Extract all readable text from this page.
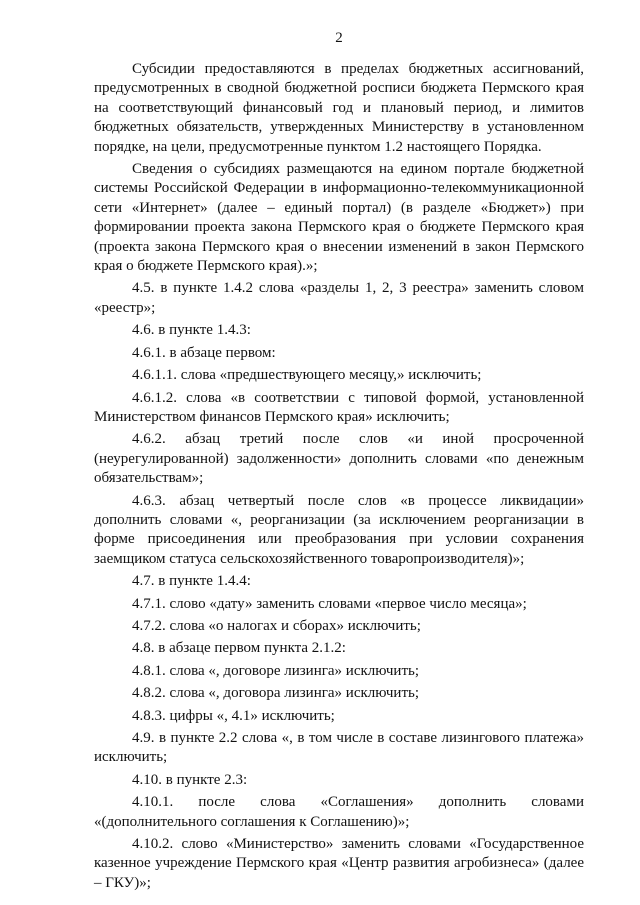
2

Субсидии предоставляются в пределах бюджетных ассигнований, предусмотренных в сводной бюджетной росписи бюджета Пермского края на соответствующий финансовый год и плановый период, и лимитов бюджетных обязательств, утвержденных Министерству в установленном порядке, на цели, предусмотренные пунктом 1.2 настоящего Порядка.

Сведения о субсидиях размещаются на едином портале бюджетной системы Российской Федерации в информационно-телекоммуникационной сети «Интернет» (далее – единый портал) (в разделе «Бюджет») при формировании проекта закона Пермского края о бюджете Пермского края (проекта закона Пермского края о внесении изменений в закон Пермского края о бюджете Пермского края).»;

4.5. в пункте 1.4.2 слова «разделы 1, 2, 3 реестра» заменить словом «реестр»;

4.6. в пункте 1.4.3:

4.6.1. в абзаце первом:

4.6.1.1. слова «предшествующего месяцу,» исключить;

4.6.1.2. слова «в соответствии с типовой формой, установленной Министерством финансов Пермского края» исключить;

4.6.2. абзац третий после слов «и иной просроченной (неурегулированной) задолженности» дополнить словами «по денежным обязательствам»;

4.6.3. абзац четвертый после слов «в процессе ликвидации» дополнить словами «, реорганизации (за исключением реорганизации в форме присоединения или преобразования при условии сохранения заемщиком статуса сельскохозяйственного товаропроизводителя)»;

4.7. в пункте 1.4.4:

4.7.1. слово «дату» заменить словами «первое число месяца»;

4.7.2. слова «о налогах и сборах» исключить;

4.8. в абзаце первом пункта 2.1.2:

4.8.1. слова «, договоре лизинга» исключить;

4.8.2. слова «, договора лизинга» исключить;

4.8.3. цифры «, 4.1» исключить;

4.9. в пункте 2.2 слова «, в том числе в составе лизингового платежа» исключить;

4.10. в пункте 2.3:

4.10.1. после слова «Соглашения» дополнить словами «(дополнительного соглашения к Соглашению)»;

4.10.2. слово «Министерство» заменить словами «Государственное казенное учреждение Пермского края «Центр развития агробизнеса» (далее – ГКУ)»;
